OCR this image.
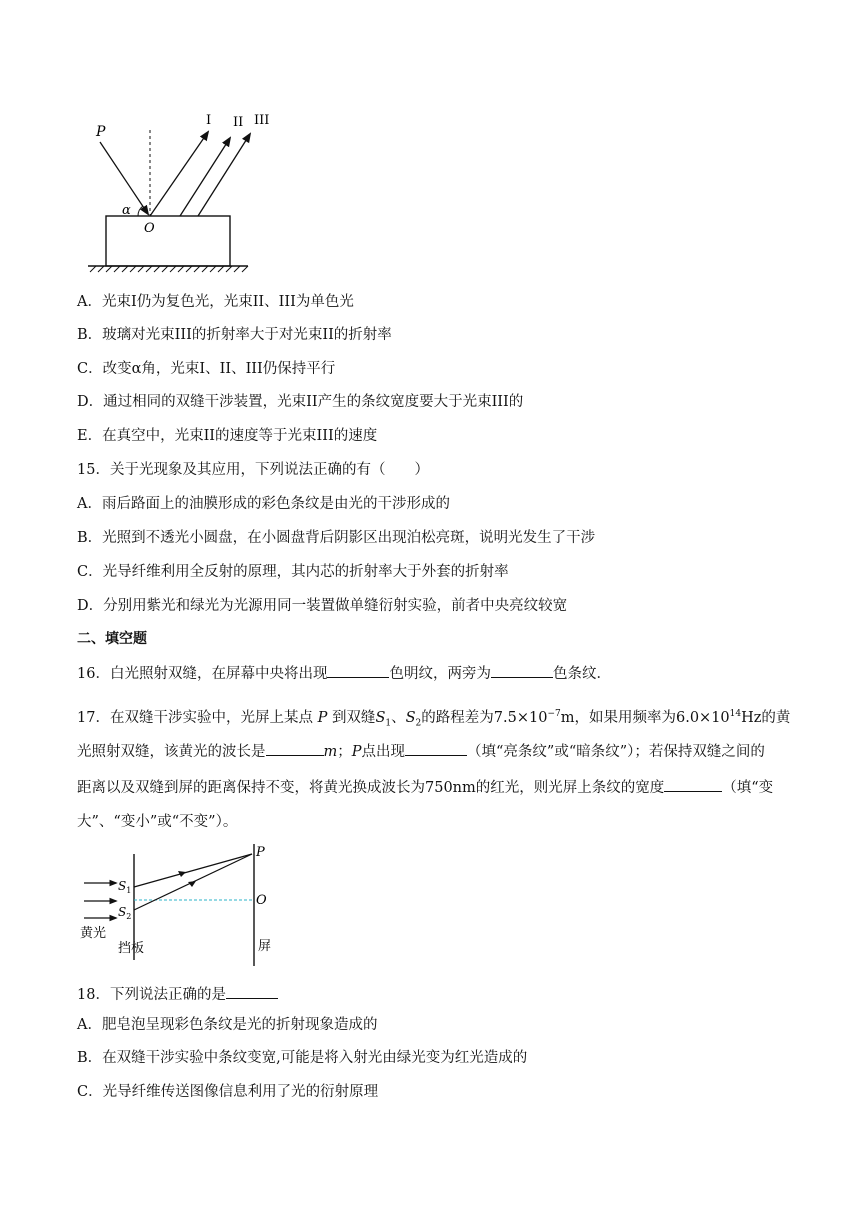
P
I II III
α
O
A．光束I仍为复色光，光束II、III为单色光
B．玻璃对光束III的折射率大于对光束II的折射率
C．改变α角，光束I、II、III仍保持平行
D．通过相同的双缝干涉装置，光束II产生的条纹宽度要大于光束III的
E．在真空中，光束II的速度等于光束III的速度
15．关于光现象及其应用，下列说法正确的有（　　）
A．雨后路面上的油膜形成的彩色条纹是由光的干涉形成的
B．光照到不透光小圆盘，在小圆盘背后阴影区出现泊松亮斑，说明光发生了干涉
C．光导纤维利用全反射的原理，其内芯的折射率大于外套的折射率
D．分别用紫光和绿光为光源用同一装置做单缝衍射实验，前者中央亮纹较宽
二、填空题
16．白光照射双缝，在屏幕中央将出现	色明纹，两旁为	色条纹．
17．在双缝干涉实验中，光屏上某点 P 到双缝$S_1$、$S_2$的路程差为$7.5\times 10^{-7}m$，如果用频率为$6.0\times 10^{14}Hz$的黄
光照射双缝，该黄光的波长是	m；P点出现	（填“亮条纹”或“暗条纹”）；若保持双缝之间的
距离以及双缝到屏的距离保持不变，将黄光换成波长为750nm的红光，则光屏上条纹的宽度	（填“变
大”、“变小”或“不变”）。
P
O
$S_1$
$S_2$
黄光
挡板	屏
18．下列说法正确的是
A．肥皂泡呈现彩色条纹是光的折射现象造成的
B．在双缝干涉实验中条纹变宽,可能是将入射光由绿光变为红光造成的
C．光导纤维传送图像信息利用了光的衍射原理
